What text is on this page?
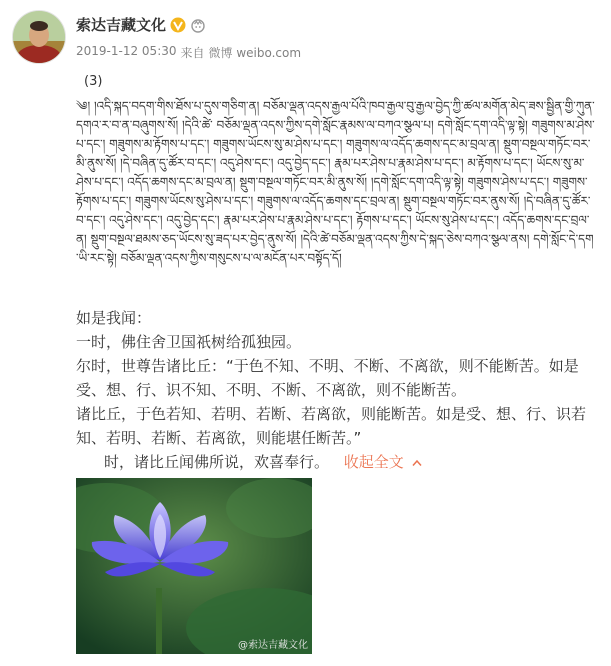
索达吉藏文化
2019-1-12 05:30 来自 微博 weibo.com
(3)
༄། །འདི་སྐད་བདག་གིས་ཐོས་པ་དུས་གཅིག་ན། བཅོམ་ལྡན་འདས་རྒྱལ་པོའི་ཁབ་རྒྱལ་བུ་རྒྱལ་བྱེད་ཀྱི་ཚལ་མགོན་མེད་ཟས་སྦྱིན་གྱི་ཀུན་དགའ་ར་བ་ན་བཞུགས་སོ། །དེའི་ཚེ་ བཅོམ་ལྡན་འདས་ཀྱིས་དགེ་སློང་རྣམས་ལ་བཀའ་སྩལ་པ། དགེ་སློང་དག་འདི་ལྟ་སྟེ། གཟུགས་མ་ཤེས་པ་དང་། གཟུགས་མ་རྟོགས་པ་དང་། གཟུགས་ཡོངས་སུ་མ་ཤེས་པ་དང་། གཟུགས་ལ་འདོད་ཆགས་དང་མ་བྲལ་ན། སྡུག་བསྔལ་གཏོང་བར་མི་ནུས་སོ། །དེ་བཞིན་དུ་ཚོར་བ་དང་། འདུ་ཤེས་དང་། འདུ་བྱེད་དང་། རྣམ་པར་ཤེས་པ་རྣམ་ཤེས་པ་དང་། མ་རྟོགས་པ་དང་། ཡོངས་སུ་མ་ཤེས་པ་དང་། འདོད་ཆགས་དང་མ་བྲལ་ན། སྡུག་བསྔལ་གཏོང་བར་མི་ནུས་སོ། །དགེ་སློང་དག་འདི་ལྟ་སྟེ། གཟུགས་ཤེས་པ་དང་། གཟུགས་རྟོགས་པ་དང་། གཟུགས་ཡོངས་སུ་ཤེས་པ་དང་། གཟུགས་ལ་འདོད་ཆགས་དང་བྲལ་ན། སྡུག་བསྔལ་གཏོང་བར་ནུས་སོ། །དེ་བཞིན་དུ་ཚོར་བ་དང་། འདུ་ཤེས་དང་། འདུ་བྱེད་དང་། རྣམ་པར་ཤེས་པ་རྣམ་ཤེས་པ་དང་། རྟོགས་པ་དང་། ཡོངས་སུ་ཤེས་པ་དང་། འདོད་ཆགས་དང་བྲལ་ན། སྡུག་བསྔལ་ཐམས་ཅད་ཡོངས་སུ་ཟད་པར་བྱེད་ནུས་སོ། །དེའི་ཚེ་བཅོམ་ལྡན་འདས་ཀྱིས་དེ་སྐད་ཅེས་བཀའ་སྩལ་ནས། དགེ་སློང་དེ་དག་ཡི་རང་སྟེ། བཅོམ་ལྡན་འདས་ཀྱིས་གསུངས་པ་ལ་མངོན་པར་བསྟོད་དོ།

如是我闻：

一时，佛住舍卫国祇树给孤独园。

尔时，世尊告诸比丘：“于色不知、不明、不断、不离欲，则不能断苦。如是受、想、行、识不知、不明、不断、不离欲，则不能断苦。

诸比丘，于色若知、若明、若断、若离欲，则能断苦。如是受、想、行、识若知、若明、若断、若离欲，则能堪任断苦。”

时，诸比丘闻佛所说，欢喜奉行。 收起全文

@索达吉藏文化
